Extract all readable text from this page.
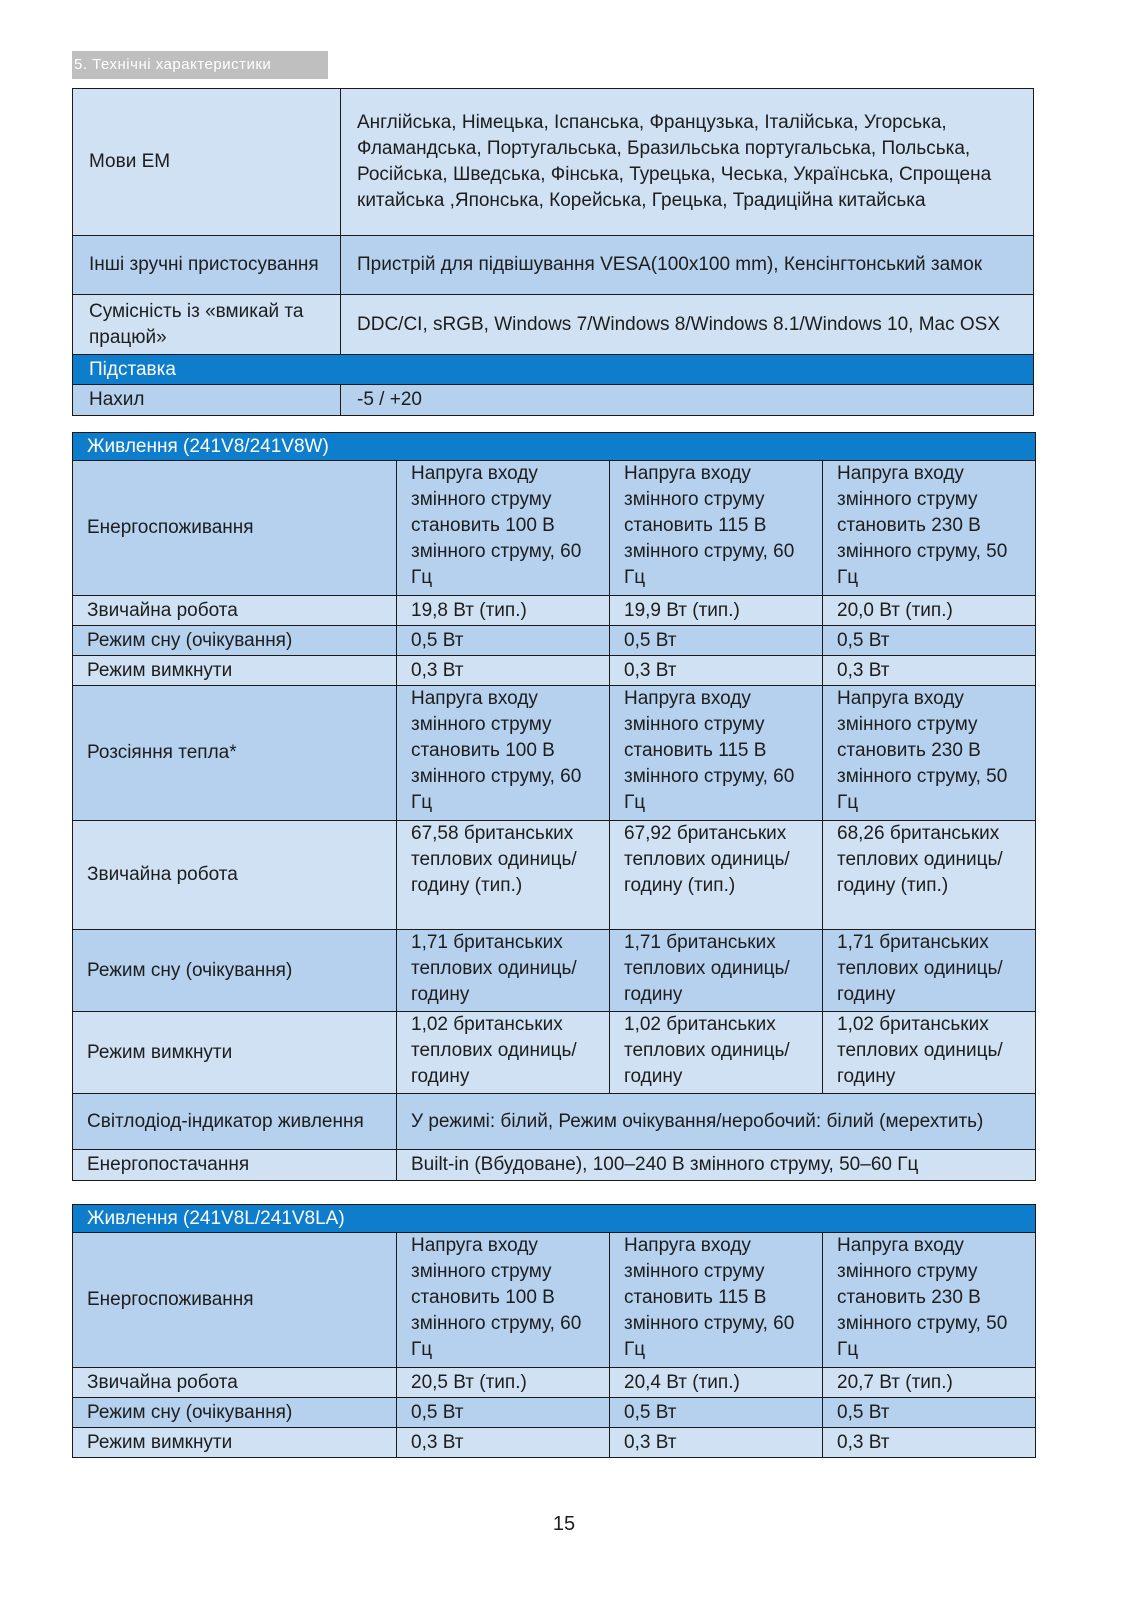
5. Технічні характеристики
Мови ЕМ	Англійська, Німецька, Іспанська, Французька, Італійська, Угорська, Фламандська, Португальська, Бразильська португальська, Польська, Російська, Шведська, Фінська, Турецька, Чеська, Українська, Спрощена китайська ,Японська, Корейська, Грецька, Традиційна китайська
Інші зручні пристосування	Пристрій для підвішування VESA(100x100 mm), Кенсінгтонський замок
Сумісність із «вмикай та працюй»	DDC/CI, sRGB, Windows 7/Windows 8/Windows 8.1/Windows 10, Mac OSX
Підставка	
Нахил	-5 / +20
Живлення (241V8/241V8W)			
Енергоспоживання	Напруга входу змінного струму становить 100 В змінного струму, 60 Гц	Напруга входу змінного струму становить 115 В змінного струму, 60 Гц	Напруга входу змінного струму становить 230 В змінного струму, 50 Гц
Звичайна робота	19,8 Вт (тип.)	19,9 Вт (тип.)	20,0 Вт (тип.)
Режим сну (очікування)	0,5 Вт	0,5 Вт	0,5 Вт
Режим вимкнути	0,3 Вт	0,3 Вт	0,3 Вт
Розсіяння тепла*	Напруга входу змінного струму становить 100 В змінного струму, 60 Гц	Напруга входу змінного струму становить 115 В змінного струму, 60 Гц	Напруга входу змінного струму становить 230 В змінного струму, 50 Гц
Звичайна робота	67,58 британських теплових одиниць/годину (тип.)	67,92 британських теплових одиниць/годину (тип.)	68,26 британських теплових одиниць/годину (тип.)
Режим сну (очікування)	1,71 британських теплових одиниць/годину	1,71 британських теплових одиниць/годину	1,71 британських теплових одиниць/годину
Режим вимкнути	1,02 британських теплових одиниць/годину	1,02 британських теплових одиниць/годину	1,02 британських теплових одиниць/годину
Світлодіод-індикатор живлення	У режимі: білий, Режим очікування/неробочий: білий (мерехтить)		
Енергопостачання	Built-in (Вбудоване), 100–240 В змінного струму, 50–60 Гц		
Живлення (241V8L/241V8LA)			
Енергоспоживання	Напруга входу змінного струму становить 100 В змінного струму, 60 Гц	Напруга входу змінного струму становить 115 В змінного струму, 60 Гц	Напруга входу змінного струму становить 230 В змінного струму, 50 Гц
Звичайна робота	20,5 Вт (тип.)	20,4 Вт (тип.)	20,7 Вт (тип.)
Режим сну (очікування)	0,5 Вт	0,5 Вт	0,5 Вт
Режим вимкнути	0,3 Вт	0,3 Вт	0,3 Вт
15
